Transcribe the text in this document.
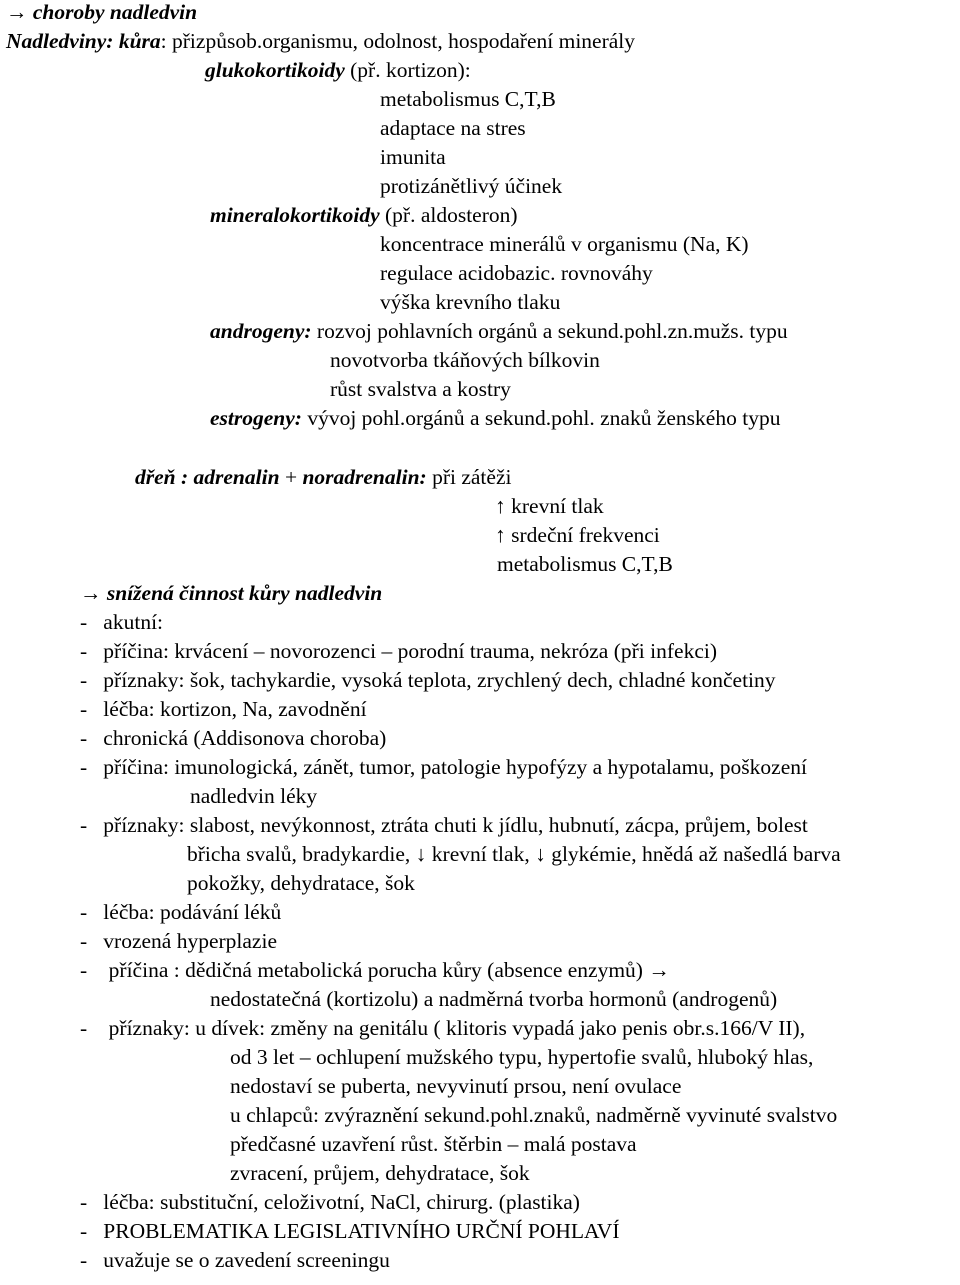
→ choroby nadledvin
Nadledviny: kůra: přizpůsob.organismu, odolnost, hospodaření minerály
glukokortikoidy (př. kortizon):
metabolismus C,T,B
adaptace na stres
imunita
protizánětlivý účinek
mineralokortikoidy (př. aldosteron)
koncentrace minerálů v organismu (Na, K)
regulace acidobazic. rovnováhy
výška krevního tlaku
androgeny: rozvoj pohlavních orgánů a sekund.pohl.zn.mužs. typu
novotvorba tkáňových bílkovin
růst svalstva a kostry
estrogeny: vývoj pohl.orgánů a sekund.pohl. znaků ženského typu
dřeň : adrenalin + noradrenalin: při zátěži
↑ krevní tlak
↑ srdeční frekvenci
metabolismus C,T,B
→ snížená činnost kůry nadledvin
- akutní:
- příčina: krvácení – novorozenci – porodní trauma, nekróza (při infekci)
- příznaky: šok, tachykardie, vysoká teplota, zrychlený dech, chladné končetiny
- léčba: kortizon, Na, zavodnění
- chronická (Addisonova choroba)
- příčina: imunologická, zánět, tumor, patologie hypofýzy a hypotalamu, poškození
nadledvin léky
- příznaky: slabost, nevýkonnost, ztráta chuti k jídlu, hubnutí, zácpa, průjem, bolest
břicha svalů, bradykardie, ↓ krevní tlak, ↓ glykémie, hnědá až našedlá barva
pokožky, dehydratace, šok
- léčba: podávání léků
- vrozená hyperplazie
- příčina : dědičná metabolická porucha kůry (absence enzymů) →
nedostatečná (kortizolu) a nadměrná tvorba hormonů (androgenů)
- příznaky: u dívek: změny na genitálu ( klitoris vypadá jako penis obr.s.166/V II),
od 3 let – ochlupení mužského typu, hypertofie svalů, hluboký hlas,
nedostaví se puberta, nevyvinutí prsou, není ovulace
u chlapců: zvýraznění sekund.pohl.znaků, nadměrně vyvinuté svalstvo
předčasné uzavření růst. štěrbin – malá postava
zvracení, průjem, dehydratace, šok
- léčba: substituční, celoživotní, NaCl, chirurg. (plastika)
- PROBLEMATIKA LEGISLATIVNÍHO URČNÍ POHLAVÍ
- uvažuje se o zavedení screeningu
